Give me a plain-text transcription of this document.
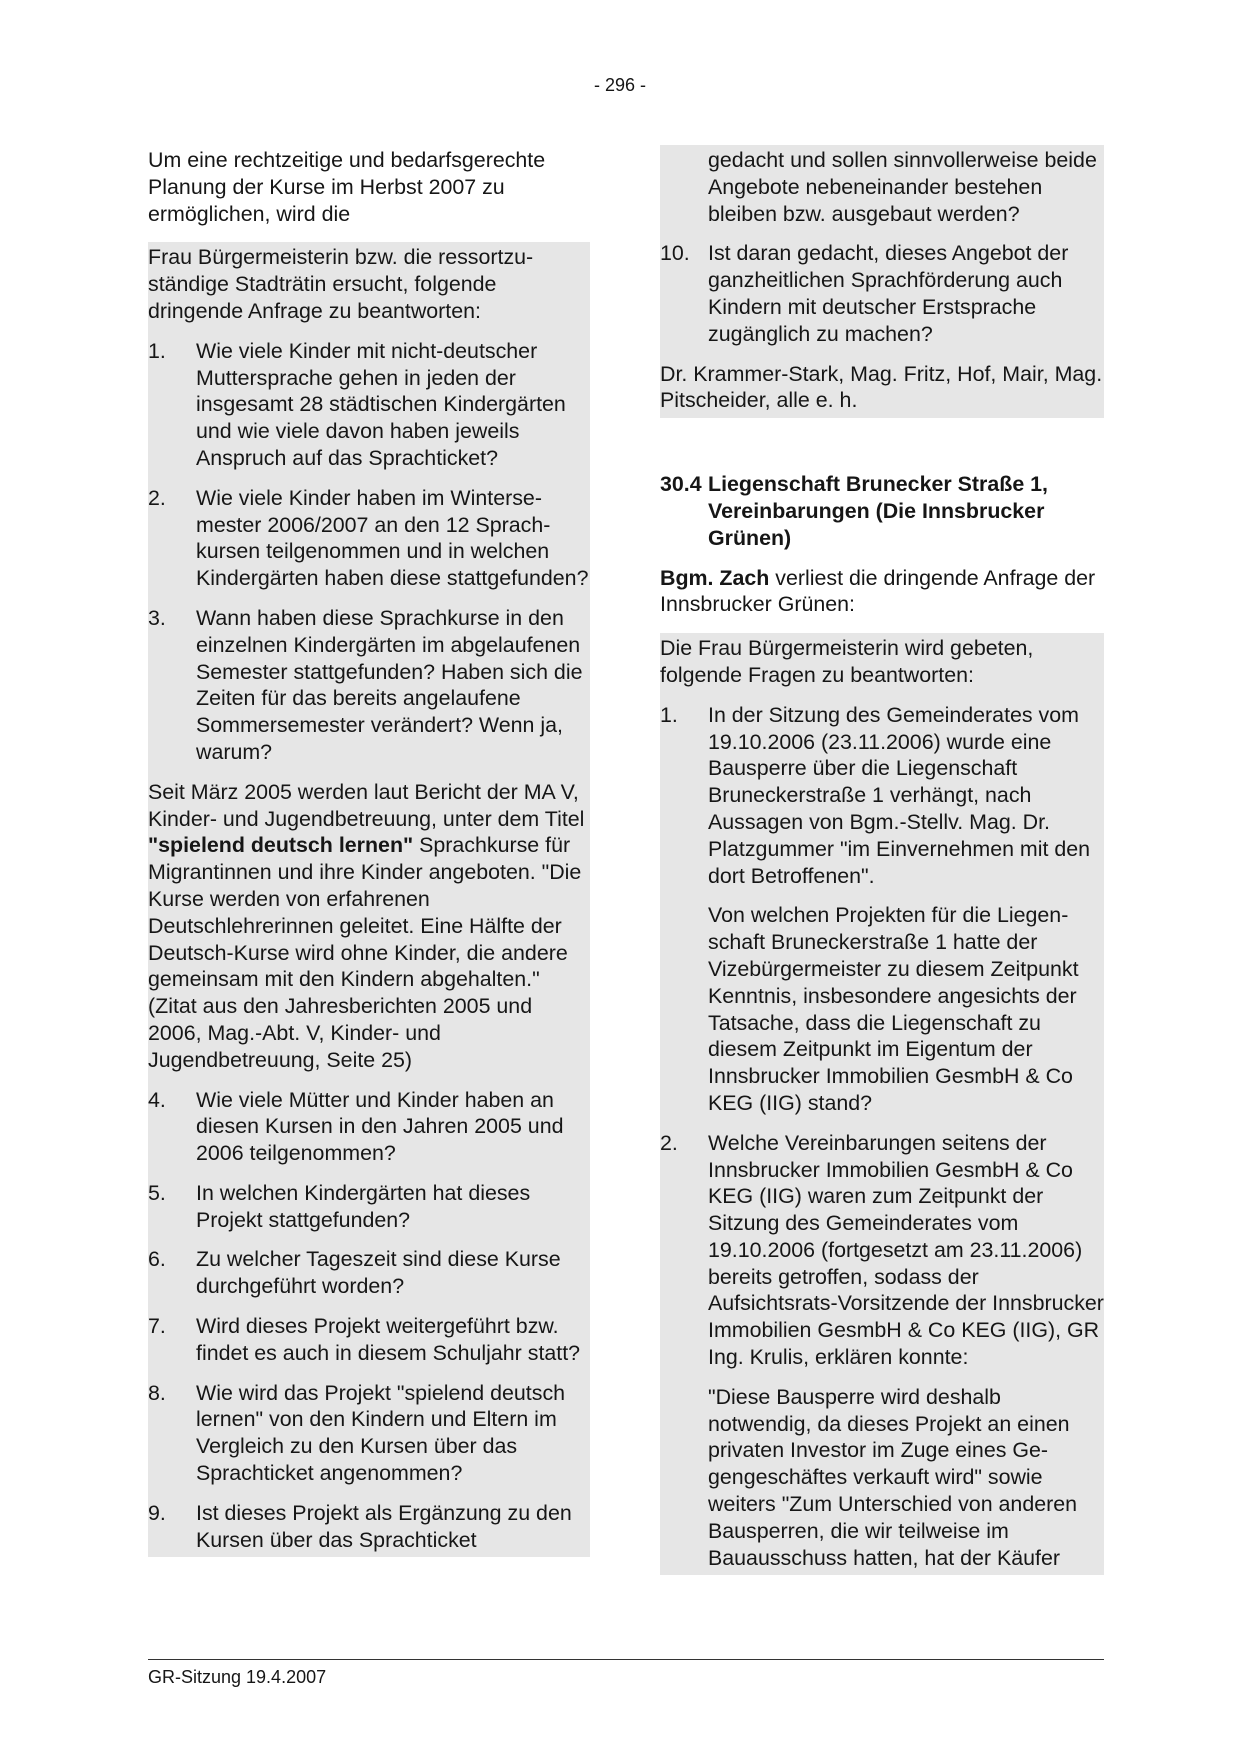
- 296 -

Um eine rechtzeitige und bedarfsgerechte Planung der Kurse im Herbst 2007 zu ermöglichen, wird die

Frau Bürgermeisterin bzw. die ressortzuständige Stadträtin ersucht, folgende dringende Anfrage zu beantworten:

1. Wie viele Kinder mit nicht-deutscher Muttersprache gehen in jeden der insgesamt 28 städtischen Kindergärten und wie viele davon haben jeweils Anspruch auf das Sprachticket?
2. Wie viele Kinder haben im Wintersemester 2006/2007 an den 12 Sprachkursen teilgenommen und in welchen Kindergärten haben diese stattgefunden?
3. Wann haben diese Sprachkurse in den einzelnen Kindergärten im abgelaufenen Semester stattgefunden? Haben sich die Zeiten für das bereits angelaufene Sommersemester verändert? Wenn ja, warum?

Seit März 2005 werden laut Bericht der MA V, Kinder- und Jugendbetreuung, unter dem Titel "spielend deutsch lernen" Sprachkurse für Migrantinnen und ihre Kinder angeboten. "Die Kurse werden von erfahrenen Deutschlehrerinnen geleitet. Eine Hälfte der Deutsch-Kurse wird ohne Kinder, die andere gemeinsam mit den Kindern abgehalten." (Zitat aus den Jahresberichten 2005 und 2006, Mag.-Abt. V, Kinder- und Jugendbetreuung, Seite 25)

4. Wie viele Mütter und Kinder haben an diesen Kursen in den Jahren 2005 und 2006 teilgenommen?
5. In welchen Kindergärten hat dieses Projekt stattgefunden?
6. Zu welcher Tageszeit sind diese Kurse durchgeführt worden?
7. Wird dieses Projekt weitergeführt bzw. findet es auch in diesem Schuljahr statt?
8. Wie wird das Projekt "spielend deutsch lernen" von den Kindern und Eltern im Vergleich zu den Kursen über das Sprachticket angenommen?
9. Ist dieses Projekt als Ergänzung zu den Kursen über das Sprachticket

gedacht und sollen sinnvollerweise beide Angebote nebeneinander bestehen bleiben bzw. ausgebaut werden?

10. Ist daran gedacht, dieses Angebot der ganzheitlichen Sprachförderung auch Kindern mit deutscher Erstsprache zugänglich zu machen?

Dr. Krammer-Stark, Mag. Fritz, Hof, Mair, Mag. Pitscheider, alle e. h.

30.4 Liegenschaft Brunecker Straße 1, Vereinbarungen (Die Innsbrucker Grünen)

Bgm. Zach verliest die dringende Anfrage der Innsbrucker Grünen:

Die Frau Bürgermeisterin wird gebeten, folgende Fragen zu beantworten:

1. In der Sitzung des Gemeinderates vom 19.10.2006 (23.11.2006) wurde eine Bausperre über die Liegenschaft Bruneckerstraße 1 verhängt, nach Aussagen von Bgm.-Stellv. Mag. Dr. Platzgummer "im Einvernehmen mit den dort Betroffenen".

Von welchen Projekten für die Liegenschaft Bruneckerstraße 1 hatte der Vizebürgermeister zu diesem Zeitpunkt Kenntnis, insbesondere angesichts der Tatsache, dass die Liegenschaft zu diesem Zeitpunkt im Eigentum der Innsbrucker Immobilien GesmbH & Co KEG (IIG) stand?

2. Welche Vereinbarungen seitens der Innsbrucker Immobilien GesmbH & Co KEG (IIG) waren zum Zeitpunkt der Sitzung des Gemeinderates vom 19.10.2006 (fortgesetzt am 23.11.2006) bereits getroffen, sodass der Aufsichtsrats-Vorsitzende der Innsbrucker Immobilien GesmbH & Co KEG (IIG), GR Ing. Krulis, erklären konnte:

"Diese Bausperre wird deshalb notwendig, da dieses Projekt an einen privaten Investor im Zuge eines Gegengeschäftes verkauft wird" sowie weiters "Zum Unterschied von anderen Bausperren, die wir teilweise im Bauausschuss hatten, hat der Käufer

GR-Sitzung 19.4.2007
